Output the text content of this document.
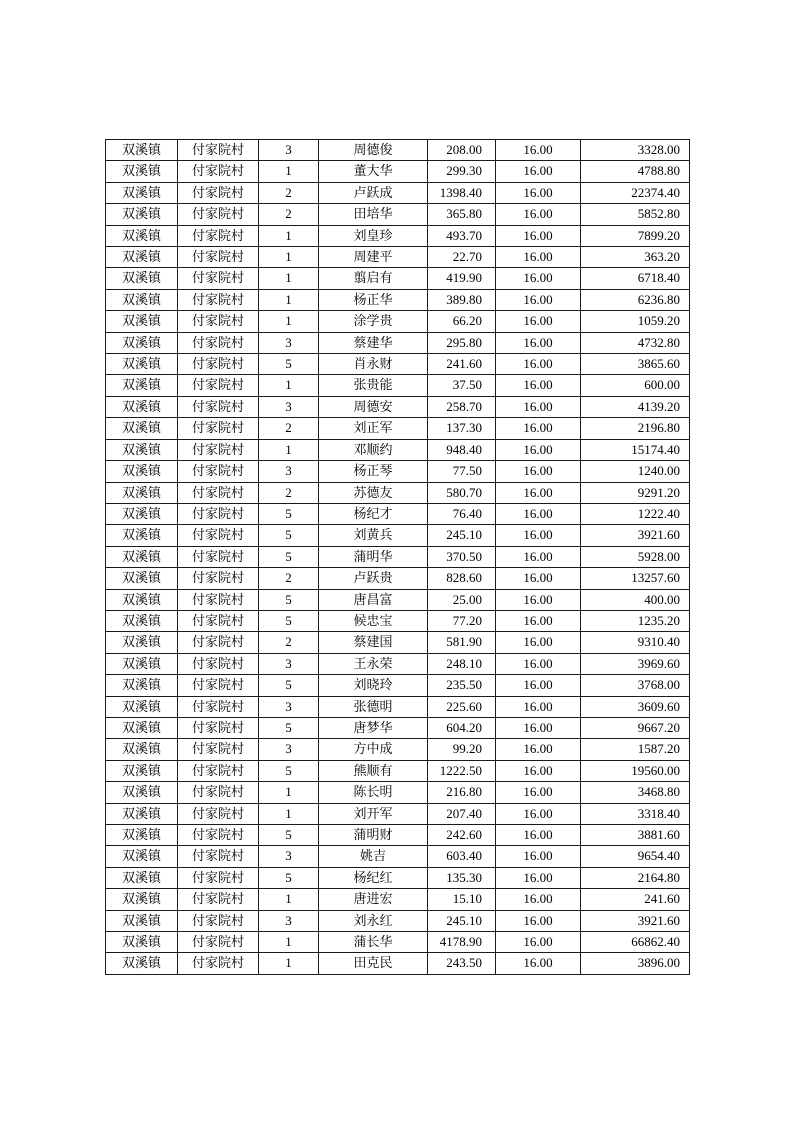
双溪镇	付家院村	3	周德俊	208.00	16.00	3328.00
双溪镇	付家院村	1	董大华	299.30	16.00	4788.80
双溪镇	付家院村	2	卢跃成	1398.40	16.00	22374.40
双溪镇	付家院村	2	田培华	365.80	16.00	5852.80
双溪镇	付家院村	1	刘皇珍	493.70	16.00	7899.20
双溪镇	付家院村	1	周建平	22.70	16.00	363.20
双溪镇	付家院村	1	翦启有	419.90	16.00	6718.40
双溪镇	付家院村	1	杨正华	389.80	16.00	6236.80
双溪镇	付家院村	1	涂学贵	66.20	16.00	1059.20
双溪镇	付家院村	3	蔡建华	295.80	16.00	4732.80
双溪镇	付家院村	5	肖永财	241.60	16.00	3865.60
双溪镇	付家院村	1	张贵能	37.50	16.00	600.00
双溪镇	付家院村	3	周德安	258.70	16.00	4139.20
双溪镇	付家院村	2	刘正军	137.30	16.00	2196.80
双溪镇	付家院村	1	邓顺约	948.40	16.00	15174.40
双溪镇	付家院村	3	杨正琴	77.50	16.00	1240.00
双溪镇	付家院村	2	苏德友	580.70	16.00	9291.20
双溪镇	付家院村	5	杨纪才	76.40	16.00	1222.40
双溪镇	付家院村	5	刘黄兵	245.10	16.00	3921.60
双溪镇	付家院村	5	蒲明华	370.50	16.00	5928.00
双溪镇	付家院村	2	卢跃贵	828.60	16.00	13257.60
双溪镇	付家院村	5	唐昌富	25.00	16.00	400.00
双溪镇	付家院村	5	候忠宝	77.20	16.00	1235.20
双溪镇	付家院村	2	蔡建国	581.90	16.00	9310.40
双溪镇	付家院村	3	王永荣	248.10	16.00	3969.60
双溪镇	付家院村	5	刘晓玲	235.50	16.00	3768.00
双溪镇	付家院村	3	张德明	225.60	16.00	3609.60
双溪镇	付家院村	5	唐梦华	604.20	16.00	9667.20
双溪镇	付家院村	3	方中成	99.20	16.00	1587.20
双溪镇	付家院村	5	熊顺有	1222.50	16.00	19560.00
双溪镇	付家院村	1	陈长明	216.80	16.00	3468.80
双溪镇	付家院村	1	刘开军	207.40	16.00	3318.40
双溪镇	付家院村	5	蒲明财	242.60	16.00	3881.60
双溪镇	付家院村	3	姚吉	603.40	16.00	9654.40
双溪镇	付家院村	5	杨纪红	135.30	16.00	2164.80
双溪镇	付家院村	1	唐进宏	15.10	16.00	241.60
双溪镇	付家院村	3	刘永红	245.10	16.00	3921.60
双溪镇	付家院村	1	蒲长华	4178.90	16.00	66862.40
双溪镇	付家院村	1	田克民	243.50	16.00	3896.00
